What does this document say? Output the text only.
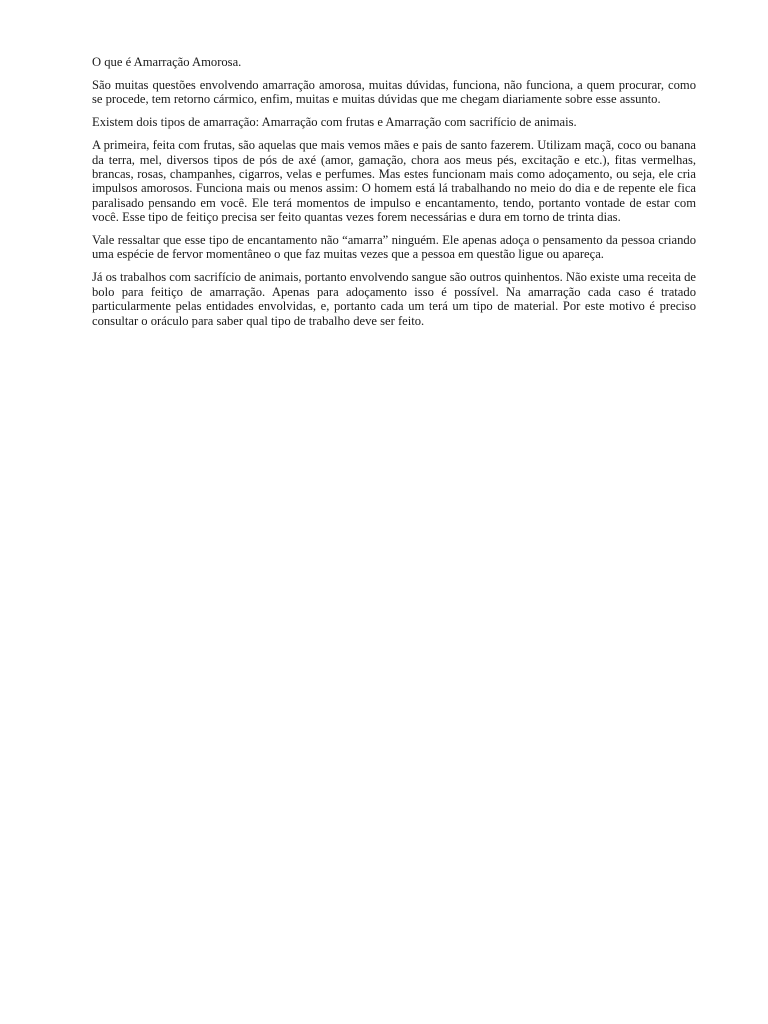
O que é Amarração Amorosa.

São muitas questões envolvendo amarração amorosa, muitas dúvidas, funciona, não funciona, a quem procurar, como se procede, tem retorno cármico, enfim, muitas e muitas dúvidas que me chegam diariamente sobre esse assunto.

Existem dois tipos de amarração: Amarração com frutas e Amarração com sacrifício de animais.

A primeira, feita com frutas, são aquelas que mais vemos mães e pais de santo fazerem. Utilizam maçã, coco ou banana da terra, mel, diversos tipos de pós de axé (amor, gamação, chora aos meus pés, excitação e etc.), fitas vermelhas, brancas, rosas, champanhes, cigarros, velas e perfumes. Mas estes funcionam mais como adoçamento, ou seja, ele cria impulsos amorosos. Funciona mais ou menos assim: O homem está lá trabalhando no meio do dia e de repente ele fica paralisado pensando em você. Ele terá momentos de impulso e encantamento, tendo, portanto vontade de estar com você. Esse tipo de feitiço precisa ser feito quantas vezes forem necessárias e dura em torno de trinta dias.

Vale ressaltar que esse tipo de encantamento não “amarra” ninguém. Ele apenas adoça o pensamento da pessoa criando uma espécie de fervor momentâneo o que faz muitas vezes que a pessoa em questão ligue ou apareça.

Já os trabalhos com sacrifício de animais, portanto envolvendo sangue são outros quinhentos. Não existe uma receita de bolo para feitiço de amarração. Apenas para adoçamento isso é possível. Na amarração cada caso é tratado particularmente pelas entidades envolvidas, e, portanto cada um terá um tipo de material. Por este motivo é preciso consultar o oráculo para saber qual tipo de trabalho deve ser feito.
